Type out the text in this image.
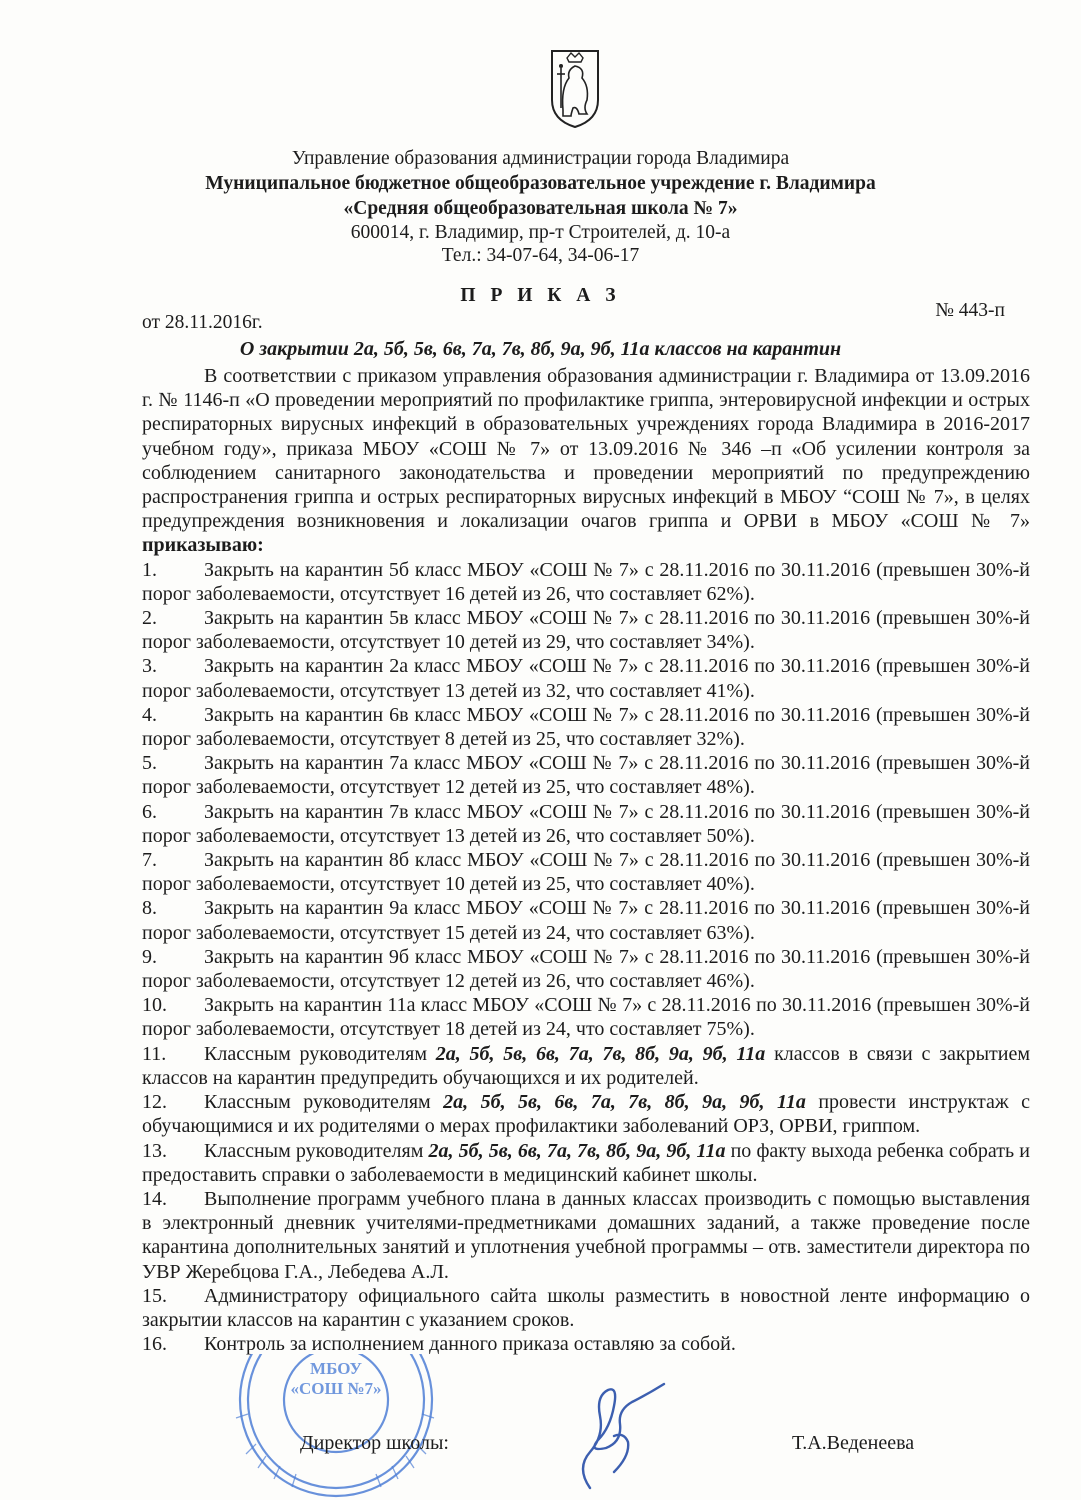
Управление образования администрации города Владимира
Муниципальное бюджетное общеобразовательное учреждение г. Владимира
«Средняя общеобразовательная школа № 7»
600014, г. Владимир, пр-т Строителей, д. 10-а
Тел.: 34-07-64, 34-06-17
П Р И К А З
от 28.11.2016г.
№ 443-п
О закрытии 2а, 5б, 5в, 6в, 7а, 7в, 8б, 9а, 9б, 11а классов на карантин

В соответствии с приказом управления образования администрации г. Владимира от 13.09.2016 г. № 1146-п «О проведении мероприятий по профилактике гриппа, энтеровирусной инфекции и острых респираторных вирусных инфекций в образовательных учреждениях города Владимира в 2016-2017 учебном году», приказа МБОУ «СОШ № 7» от 13.09.2016 № 346 –п «Об усилении контроля за соблюдением санитарного законодательства и проведении мероприятий по предупреждению распространения гриппа и острых респираторных вирусных инфекций в МБОУ “СОШ № 7», в целях предупреждения возникновения и локализации очагов гриппа и ОРВИ в МБОУ «СОШ № 7» приказываю:

1. Закрыть на карантин 5б класс МБОУ «СОШ № 7» с 28.11.2016 по 30.11.2016 (превышен 30%-й порог заболеваемости, отсутствует 16 детей из 26, что составляет 62%).

2. Закрыть на карантин 5в класс МБОУ «СОШ № 7» с 28.11.2016 по 30.11.2016 (превышен 30%-й порог заболеваемости, отсутствует 10 детей из 29, что составляет 34%).

3. Закрыть на карантин 2а класс МБОУ «СОШ № 7» с 28.11.2016 по 30.11.2016 (превышен 30%-й порог заболеваемости, отсутствует 13 детей из 32, что составляет 41%).

4. Закрыть на карантин 6в класс МБОУ «СОШ № 7» с 28.11.2016 по 30.11.2016 (превышен 30%-й порог заболеваемости, отсутствует 8 детей из 25, что составляет 32%).

5. Закрыть на карантин 7а класс МБОУ «СОШ № 7» с 28.11.2016 по 30.11.2016 (превышен 30%-й порог заболеваемости, отсутствует 12 детей из 25, что составляет 48%).

6. Закрыть на карантин 7в класс МБОУ «СОШ № 7» с 28.11.2016 по 30.11.2016 (превышен 30%-й порог заболеваемости, отсутствует 13 детей из 26, что составляет 50%).

7. Закрыть на карантин 8б класс МБОУ «СОШ № 7» с 28.11.2016 по 30.11.2016 (превышен 30%-й порог заболеваемости, отсутствует 10 детей из 25, что составляет 40%).

8. Закрыть на карантин 9а класс МБОУ «СОШ № 7» с 28.11.2016 по 30.11.2016 (превышен 30%-й порог заболеваемости, отсутствует 15 детей из 24, что составляет 63%).

9. Закрыть на карантин 9б класс МБОУ «СОШ № 7» с 28.11.2016 по 30.11.2016 (превышен 30%-й порог заболеваемости, отсутствует 12 детей из 26, что составляет 46%).

10. Закрыть на карантин 11а класс МБОУ «СОШ № 7» с 28.11.2016 по 30.11.2016 (превышен 30%-й порог заболеваемости, отсутствует 18 детей из 24, что составляет 75%).

11. Классным руководителям 2а, 5б, 5в, 6в, 7а, 7в, 8б, 9а, 9б, 11а классов в связи с закрытием классов на карантин предупредить обучающихся и их родителей.

12. Классным руководителям 2а, 5б, 5в, 6в, 7а, 7в, 8б, 9а, 9б, 11а провести инструктаж с обучающимися и их родителями о мерах профилактики заболеваний ОРЗ, ОРВИ, гриппом.

13. Классным руководителям 2а, 5б, 5в, 6в, 7а, 7в, 8б, 9а, 9б, 11а по факту выхода ребенка собрать и предоставить справки о заболеваемости в медицинский кабинет школы.

14. Выполнение программ учебного плана в данных классах производить с помощью выставления в электронный дневник учителями-предметниками домашних заданий, а также проведение после карантина дополнительных занятий и уплотнения учебной программы – отв. заместители директора по УВР Жеребцова Г.А., Лебедева А.Л.

15. Администратору официального сайта школы разместить в новостной ленте информацию о закрытии классов на карантин с указанием сроков.

16. Контроль за исполнением данного приказа оставляю за собой.

МБОУ
«СОШ №7»
Директор школы:	Т.А.Веденеева
